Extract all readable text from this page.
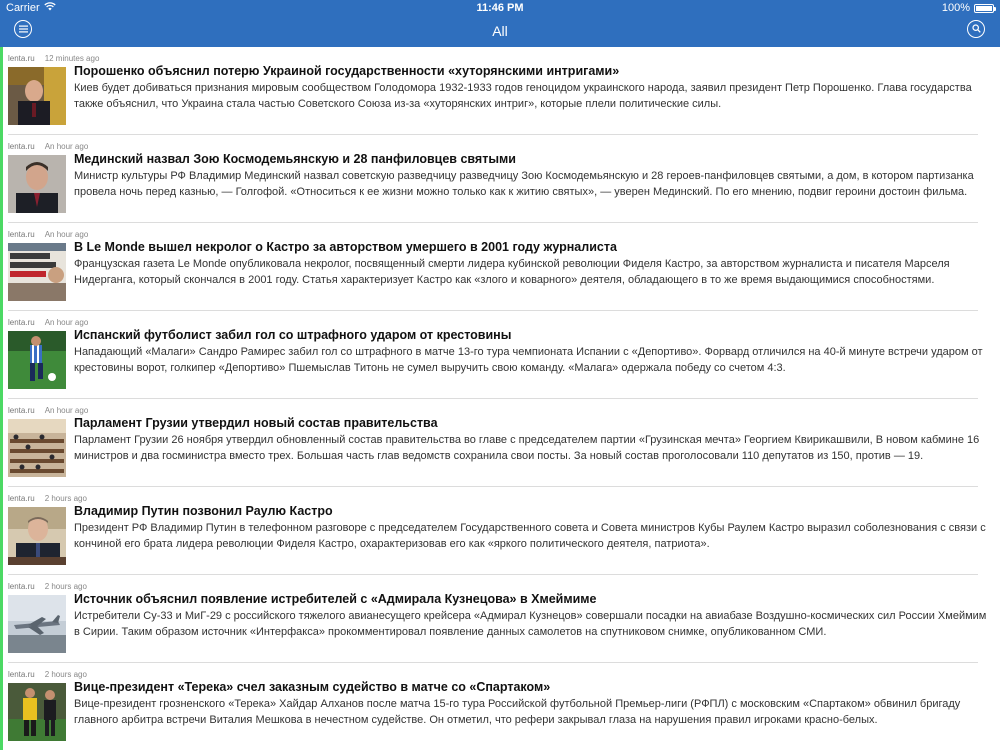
Carrier	11:46 PM	100%
All
lenta.ru 12 minutes ago
Порошенко объяснил потерю Украиной государственности «хуторянскими интригами»
Киев будет добиваться признания мировым сообществом Голодомора 1932-1933 годов геноцидом украинского народа, заявил президент Петр Порошенко. Глава государства также объяснил, что Украина стала частью Советского Союза из-за «хуторянских интриг», которые плели политические силы.
lenta.ru An hour ago
Мединский назвал Зою Космодемьянскую и 28 панфиловцев святыми
Министр культуры РФ Владимир Мединский назвал советскую разведчицу разведчицу Зою Космодемьянскую и 28 героев-панфиловцев святыми, а дом, в котором партизанка провела ночь перед казнью, — Голгофой. «Относиться к ее жизни можно только как к житию святых», — уверен Мединский. По его мнению, подвиг героини достоин фильма.
lenta.ru An hour ago
В Le Monde вышел некролог о Кастро за авторством умершего в 2001 году журналиста
Французская газета Le Monde опубликовала некролог, посвященный смерти лидера кубинской революции Фиделя Кастро, за авторством журналиста и писателя Марселя Нидерганга, который скончался в 2001 году. Статья характеризует Кастро как «злого и коварного» деятеля, обладающего в то же время выдающимися способностями.
lenta.ru An hour ago
Испанский футболист забил гол со штрафного ударом от крестовины
Нападающий «Малаги» Сандро Рамирес забил гол со штрафного в матче 13-го тура чемпионата Испании с «Депортиво». Форвард отличился на 40-й минуте встречи ударом от крестовины ворот, голкипер «Депортиво» Пшемыслав Титонь не сумел выручить свою команду. «Малага» одержала победу со счетом 4:3.
lenta.ru An hour ago
Парламент Грузии утвердил новый состав правительства
Парламент Грузии 26 ноября утвердил обновленный состав правительства во главе с председателем партии «Грузинская мечта» Георгием Квирикашвили, В новом кабмине 16 министров и два госминистра вместо трех. Большая часть глав ведомств сохранила свои посты. За новый состав проголосовали 110 депутатов из 150, против — 19.
lenta.ru 2 hours ago
Владимир Путин позвонил Раулю Кастро
Президент РФ Владимир Путин в телефонном разговоре с председателем Государственного совета и Совета министров Кубы Раулем Кастро выразил соболезнования с связи с кончиной его брата лидера революции Фиделя Кастро, охарактеризовав его как «яркого политического деятеля, патриота».
lenta.ru 2 hours ago
Источник объяснил появление истребителей с «Адмирала Кузнецова» в Хмеймиме
Истребители Су-33 и МиГ-29 с российского тяжелого авианесущего крейсера «Адмирал Кузнецов» совершали посадки на авиабазе Воздушно-космических сил России Хмеймим в Сирии. Таким образом источник «Интерфакса» прокомментировал появление данных самолетов на спутниковом снимке, опубликованном СМИ.
lenta.ru 2 hours ago
Вице-президент «Терека» счел заказным судейство в матче со «Спартаком»
Вице-президент грозненского «Терека» Хайдар Алханов после матча 15-го тура Российской футбольной Премьер-лиги (РФПЛ) с московским «Спартаком» обвинил бригаду главного арбитра встречи Виталия Мешкова в нечестном судействе. Он отметил, что рефери закрывал глаза на нарушения правил игроками красно-белых.
